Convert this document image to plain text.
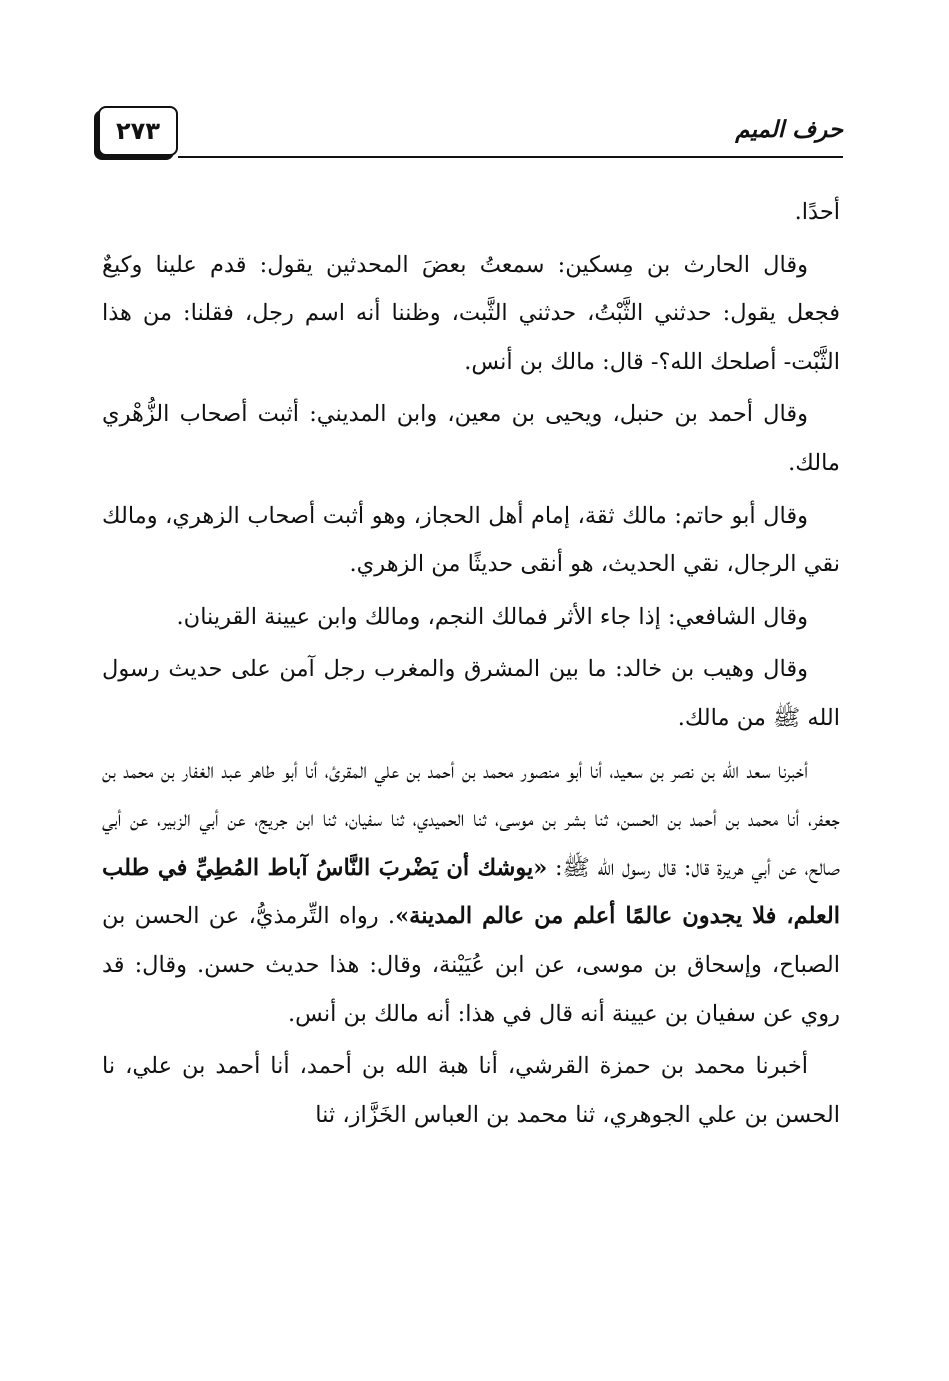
٢٧٣	حرف الميم

أحدًا.

وقال الحارث بن مِسكين: سمعتُ بعضَ المحدثين يقول: قدم علينا وكيعٌ فجعل يقول: حدثني الثَّبْتُ، حدثني الثَّبت، وظننا أنه اسم رجل، فقلنا: من هذا الثَّبْت- أصلحك الله؟- قال: مالك بن أنس.

وقال أحمد بن حنبل، ويحيى بن معين، وابن المديني: أثبت أصحاب الزُّهْري مالك.

وقال أبو حاتم: مالك ثقة، إمام أهل الحجاز، وهو أثبت أصحاب الزهري، ومالك نقي الرجال، نقي الحديث، هو أنقى حديثًا من الزهري.

وقال الشافعي: إذا جاء الأثر فمالك النجم، ومالك وابن عيينة القرينان.

وقال وهيب بن خالد: ما بين المشرق والمغرب رجل آمن على حديث رسول الله ﷺ من مالك.

أخبرنا سعد الله بن نصر بن سعيد، أنا أبو منصور محمد بن أحمد بن علي المقرئ، أنا أبو طاهر عبد الغفار بن محمد بن جعفر، أنا محمد بن أحمد بن الحسن، ثنا بشر بن موسى، ثنا الحميدي، ثنا سفيان، ثنا ابن جريج، عن أبي الزبير، عن أبي صالح، عن أبي هريرة قال: قال رسول الله ﷺ: «يوشك أن يَضْربَ النَّاسُ آباط المُطِيِّ في طلب العلم، فلا يجدون عالمًا أعلم من عالم المدينة». رواه التِّرمذيُّ، عن الحسن بن الصباح، وإسحاق بن موسى، عن ابن عُيَيْنة، وقال: هذا حديث حسن. وقال: قد روي عن سفيان بن عيينة أنه قال في هذا: أنه مالك بن أنس.

أخبرنا محمد بن حمزة القرشي، أنا هبة الله بن أحمد، أنا أحمد بن علي، نا الحسن بن علي الجوهري، ثنا محمد بن العباس الخَزَّاز، ثنا
